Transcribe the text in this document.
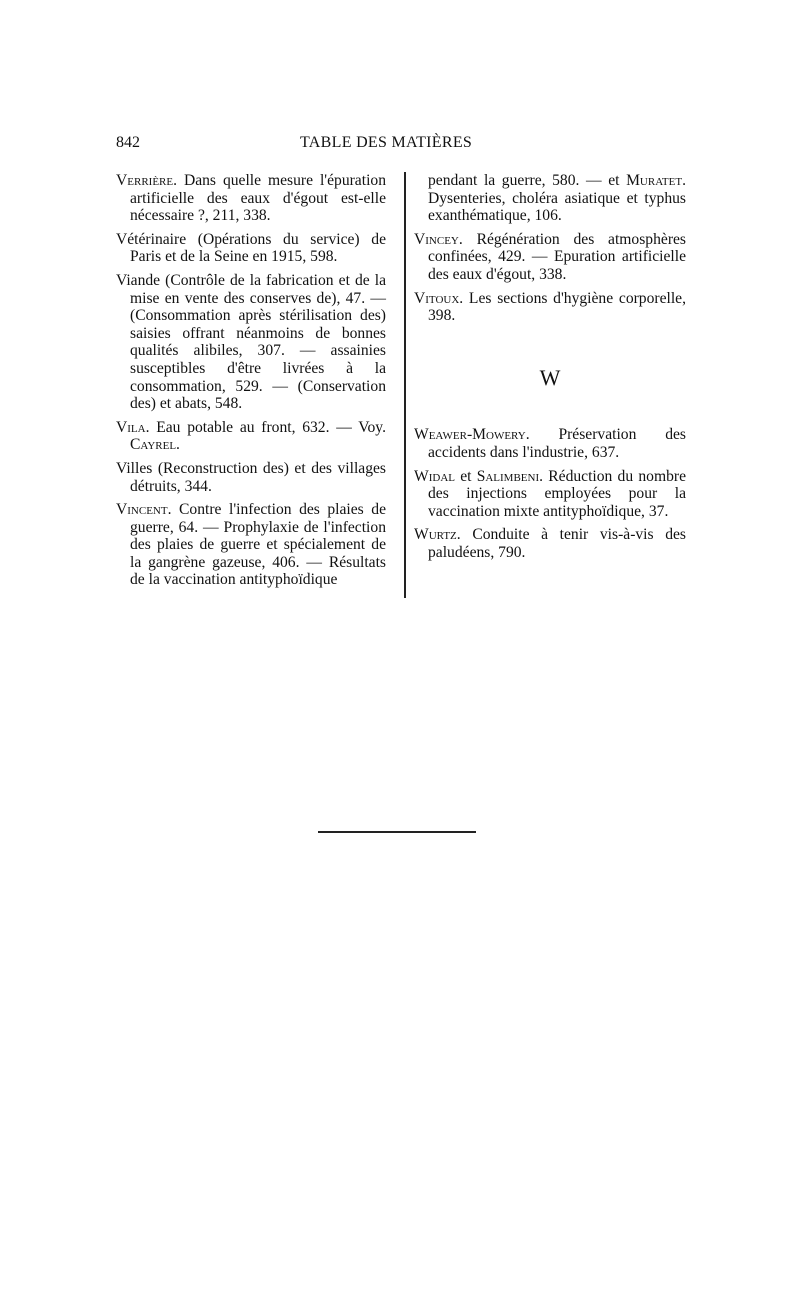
842	TABLE DES MATIÈRES

Verrière. Dans quelle mesure l'épuration artificielle des eaux d'égout est-elle nécessaire ?, 211, 338.

Vétérinaire (Opérations du service) de Paris et de la Seine en 1915, 598.

Viande (Contrôle de la fabrication et de la mise en vente des conserves de), 47. — (Consommation après stérilisation des) saisies offrant néanmoins de bonnes qualités alibiles, 307. — assainies susceptibles d'être livrées à la consommation, 529. — (Conservation des) et abats, 548.

Vila. Eau potable au front, 632. — Voy. Cayrel.

Villes (Reconstruction des) et des villages détruits, 344.

Vincent. Contre l'infection des plaies de guerre, 64. — Prophylaxie de l'infection des plaies de guerre et spécialement de la gangrène gazeuse, 406. — Résultats de la vaccination antityphoïdique

pendant la guerre, 580. — et Muratet. Dysenteries, choléra asiatique et typhus exanthématique, 106.

Vincey. Régénération des atmosphères confinées, 429. — Epuration artificielle des eaux d'égout, 338.

Vitoux. Les sections d'hygiène corporelle, 398.

W

Weawer-Mowery. Préservation des accidents dans l'industrie, 637.

Widal et Salimbeni. Réduction du nombre des injections employées pour la vaccination mixte antityphoïdique, 37.

Wurtz. Conduite à tenir vis-à-vis des paludéens, 790.
